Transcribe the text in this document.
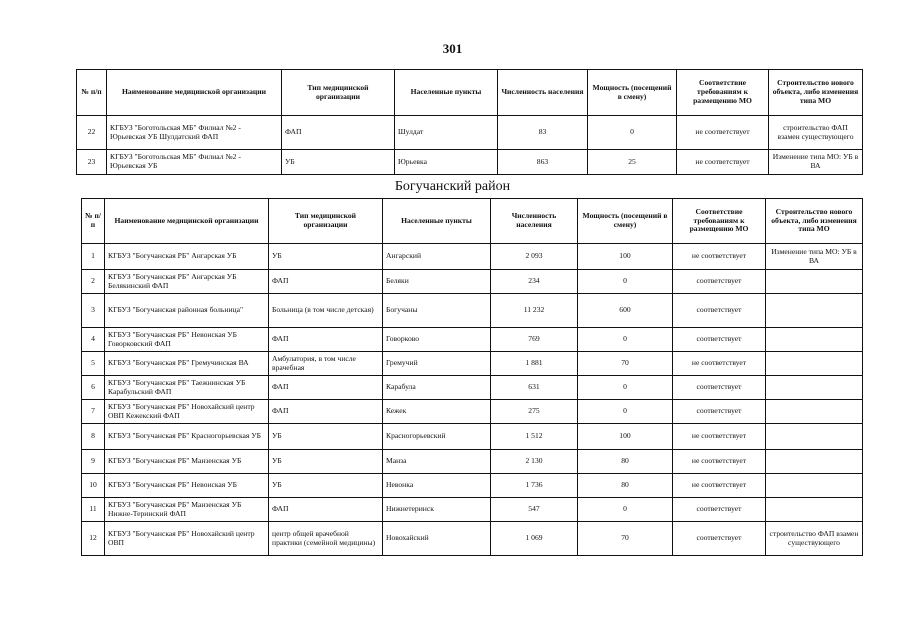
301
№ п/п	Наименование медицинской организации	Тип медицинской организации	Населенные пункты	Численность населения	Мощность (посещений в смену)	Соответствие требованиям к размещению МО	Строительство нового объекта, либо изменения типа МО
22	КГБУЗ "Боготольская МБ" Филиал №2 - Юрьевская УБ Шулдатский ФАП	ФАП	Шулдат	83	0	не соответствует	строительство ФАП взамен существующего
23	КГБУЗ "Боготольская МБ" Филиал №2 - Юрьевская УБ	УБ	Юрьевка	863	25	не соответствует	Изменение типа МО: УБ в ВА
Богучанский район
№ п/п	Наименование медицинской организации	Тип медицинской организации	Населенные пункты	Численность населения	Мощность (посещений в смену)	Соответствие требованиям к размещению МО	Строительство нового объекта, либо изменения типа МО
1	КГБУЗ "Богучанская РБ" Ангарская УБ	УБ	Ангарский	2 093	100	не соответствует	Изменение типа МО: УБ в ВА
2	КГБУЗ "Богучанская РБ" Ангарская УБ Белякинский ФАП	ФАП	Беляки	234	0	соответствует	
3	КГБУЗ "Богучанская районная больница"	Больница (в том числе детская)	Богучаны	11 232	600	соответствует	
4	КГБУЗ "Богучанская РБ" Невонская УБ Говорковский ФАП	ФАП	Говорково	769	0	соответствует	
5	КГБУЗ "Богучанская РБ" Гремучинская ВА	Амбулатория, в том числе врачебная	Гремучий	1 881	70	не соответствует	
6	КГБУЗ "Богучанская РБ" Таежнинская УБ Карабульский ФАП	ФАП	Карабула	631	0	соответствует	
7	КГБУЗ "Богучанская РБ" Новохайский центр ОВП Кежекский ФАП	ФАП	Кежек	275	0	соответствует	
8	КГБУЗ "Богучанская РБ" Красногорьевская УБ	УБ	Красногорьевский	1 512	100	не соответствует	
9	КГБУЗ "Богучанская РБ" Манзенская УБ	УБ	Манза	2 130	80	не соответствует	
10	КГБУЗ "Богучанская РБ" Невонская УБ	УБ	Невонка	1 736	80	не соответствует	
11	КГБУЗ "Богучанская РБ" Манзенская УБ Нижне-Теринский ФАП	ФАП	Нижнетеринск	547	0	соответствует	
12	КГБУЗ "Богучанская РБ" Новохайский центр ОВП	центр общей врачебной практики (семейной медицины)	Новохайский	1 069	70	соответствует	строительство ФАП взамен существующего
